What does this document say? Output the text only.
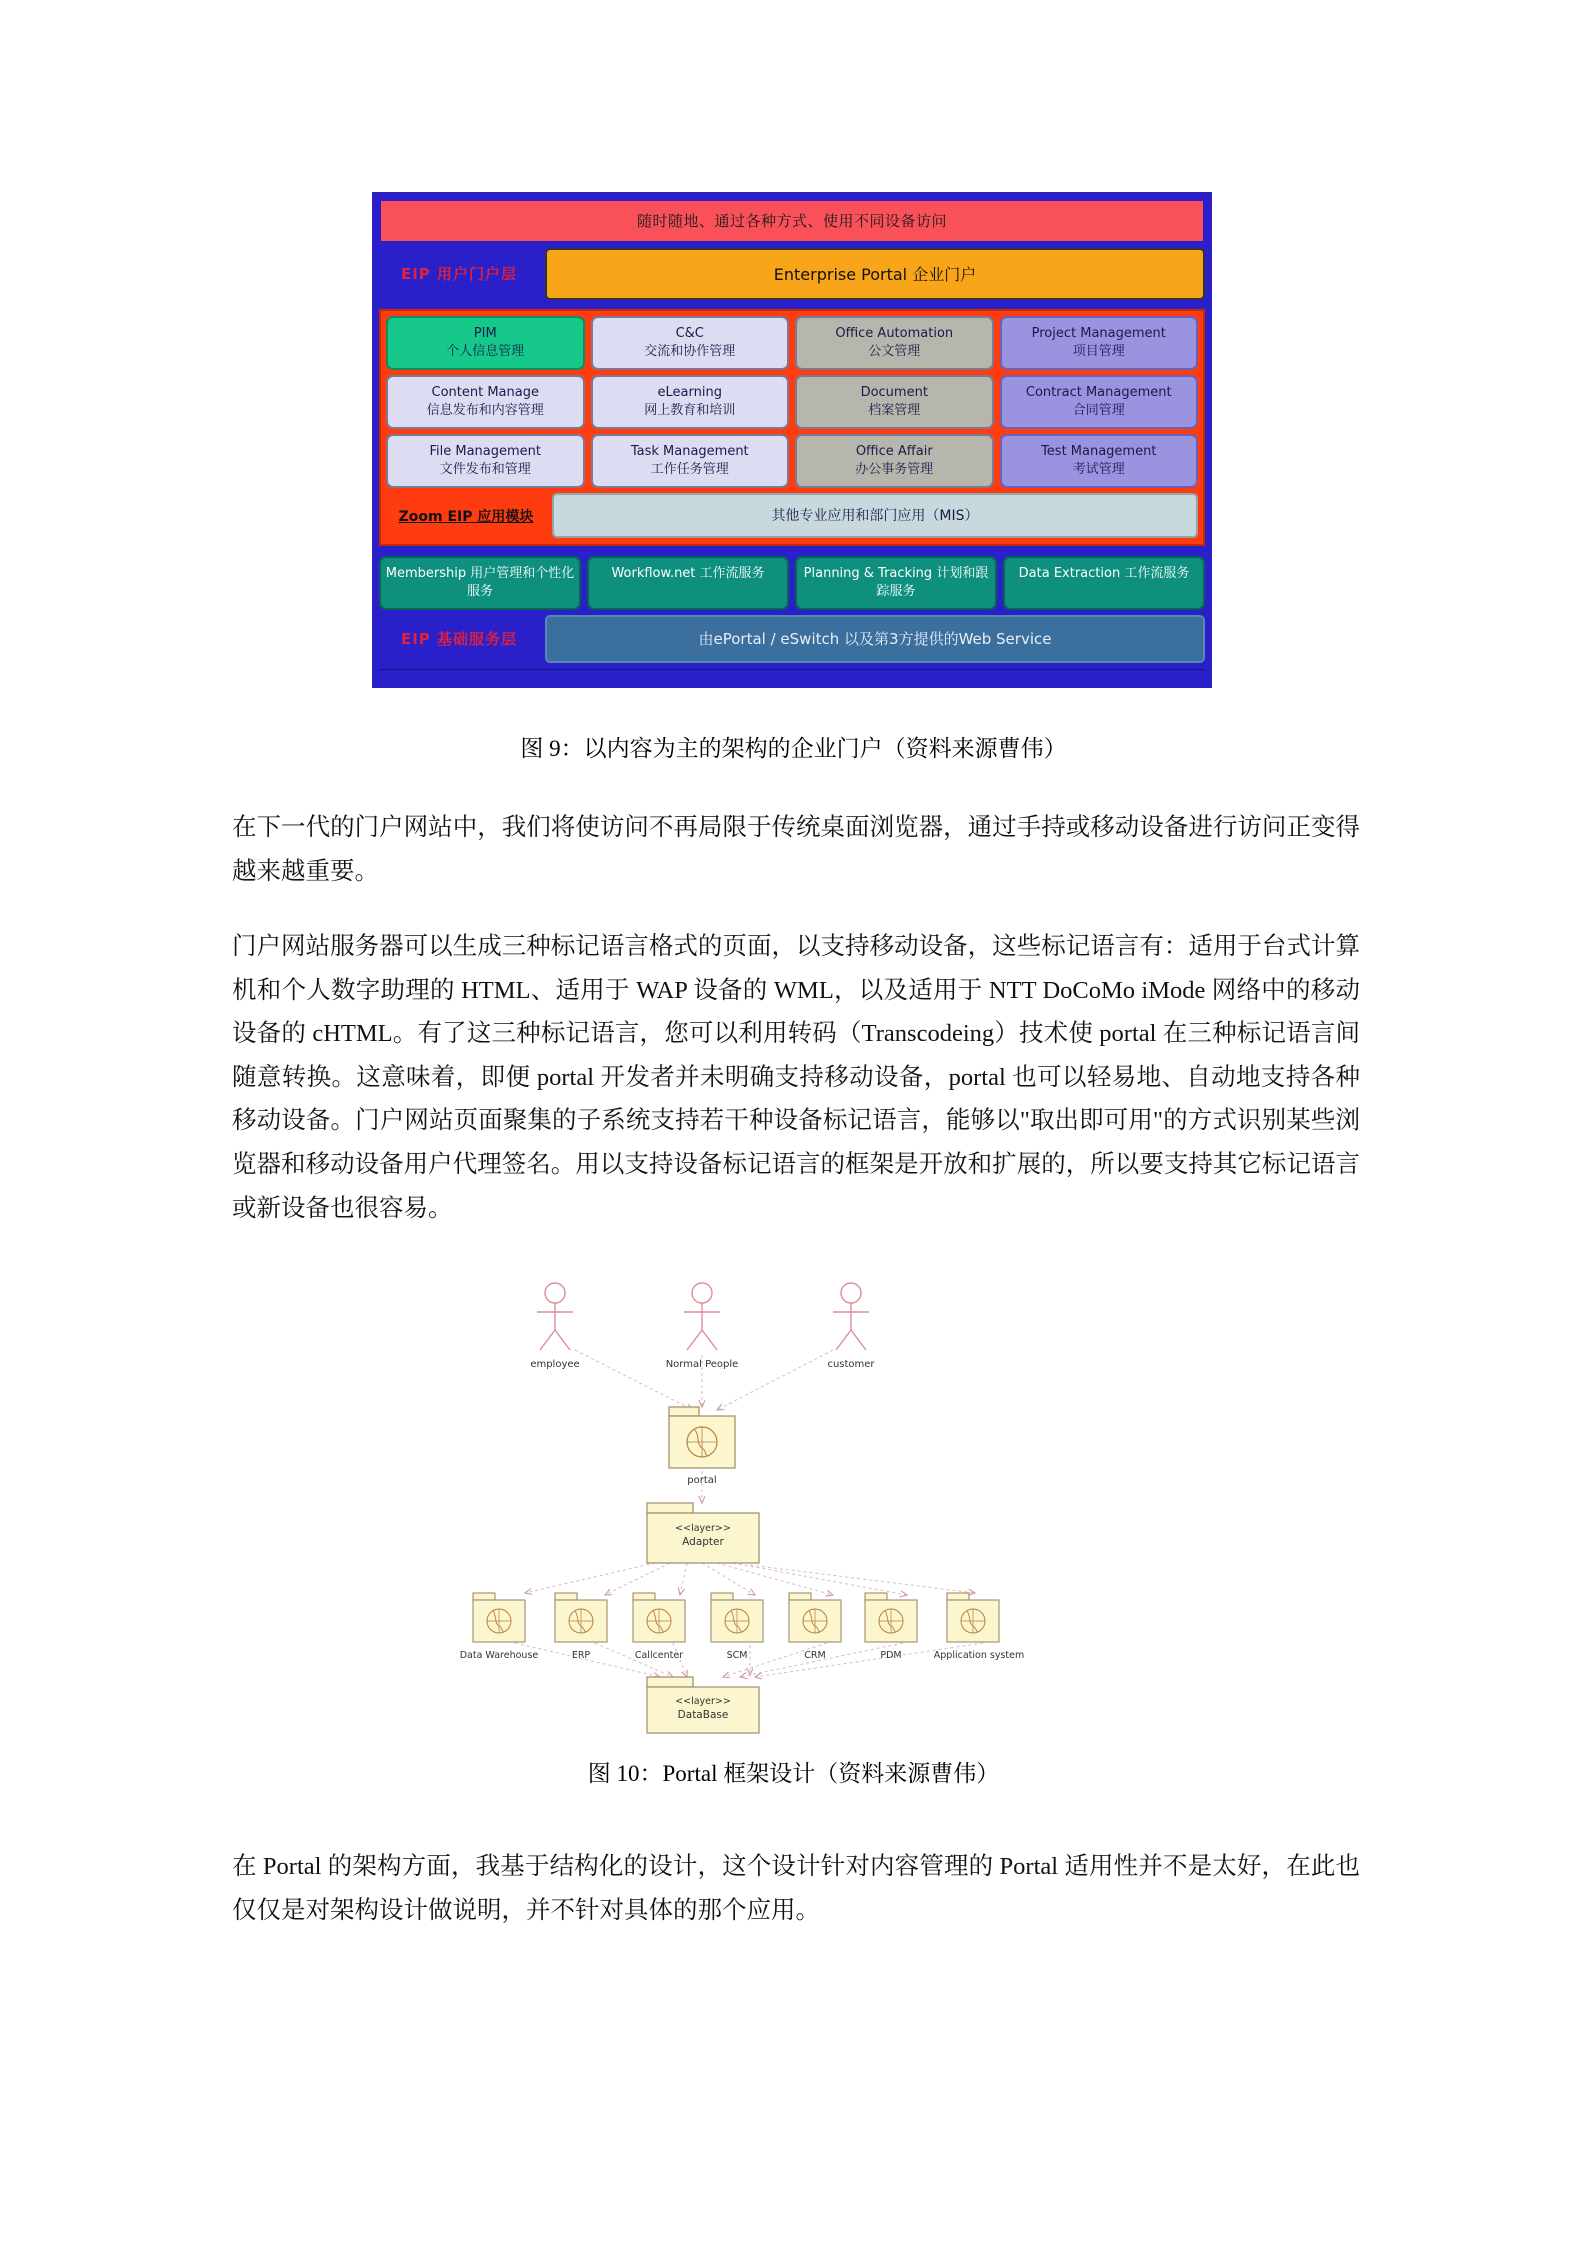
随时随地、通过各种方式、使用不同设备访问
EIP 用户门户层	Enterprise Portal 企业门户
PIM
个人信息管理
C&C
交流和协作管理
Office Automation
公文管理
Project Management
项目管理
Content Manage
信息发布和内容管理
eLearning
网上教育和培训
Document
档案管理
Contract Management
合同管理
File Management
文件发布和管理
Task Management
工作任务管理
Office Affair
办公事务管理
Test Management
考试管理
Zoom EIP 应用模块	其他专业应用和部门应用（MIS）
Membership 用户管理和个性化服务
Workflow.net 工作流服务	Planning & Tracking 计划和跟踪服务
Data Extraction 工作流服务
EIP 基础服务层	由ePortal / eSwitch 以及第3方提供的Web Service
图 9：以内容为主的架构的企业门户（资料来源曹伟）
在下一代的门户网站中，我们将使访问不再局限于传统桌面浏览器，通过手持或移动设备进行访问正变得越来越重要。
门户网站服务器可以生成三种标记语言格式的页面，以支持移动设备，这些标记语言有：适用于台式计算机和个人数字助理的 HTML、适用于 WAP 设备的 WML，以及适用于 NTT DoCoMo iMode 网络中的移动设备的 cHTML。有了这三种标记语言，您可以利用转码（Transcodeing）技术使 portal 在三种标记语言间随意转换。这意味着，即便 portal 开发者并未明确支持移动设备，portal 也可以轻易地、自动地支持各种移动设备。门户网站页面聚集的子系统支持若干种设备标记语言，能够以"取出即可用"的方式识别某些浏览器和移动设备用户代理签名。用以支持设备标记语言的框架是开放和扩展的，所以要支持其它标记语言或新设备也很容易。
employee	Normal People	customer
portal
<<layer>>
Adapter
Data Warehouse	ERP	Callcenter	SCM	CRM	PDM	Application system
<<layer>>
DataBase
图 10：Portal 框架设计（资料来源曹伟）
在 Portal 的架构方面，我基于结构化的设计，这个设计针对内容管理的 Portal 适用性并不是太好，在此也仅仅是对架构设计做说明，并不针对具体的那个应用。
